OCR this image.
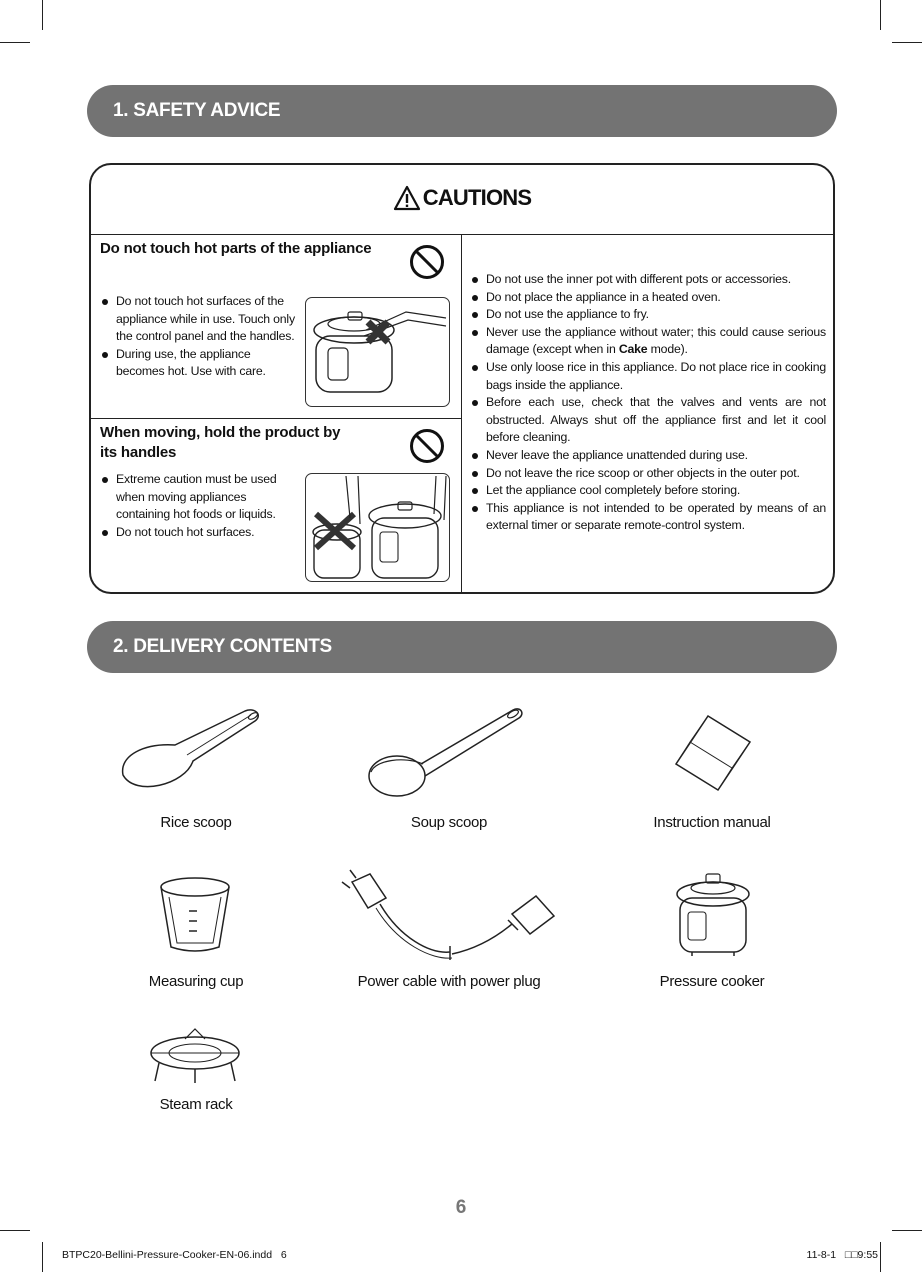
1. SAFETY ADVICE
CAUTIONS
Do not touch hot parts of the appliance
Do not touch hot surfaces of the appliance while in use. Touch only the control panel and the handles.
During use, the appliance becomes hot. Use with care.
When moving, hold the product by
its handles
Extreme caution must be used when moving appliances containing hot foods or liquids.
Do not touch hot surfaces.
Do not use the inner pot with different pots or accessories.
Do not place the appliance in a heated oven.
Do not use the appliance to fry.
Never use the appliance without water; this could cause serious damage (except when in Cake mode).
Use only loose rice in this appliance. Do not place rice in cooking bags inside the appliance.
Before each use, check that the valves and vents are not obstructed. Always shut off the appliance first and let it cool before cleaning.
Never leave the appliance unattended during use.
Do not leave the rice scoop or other objects in the outer pot.
Let the appliance cool completely before storing.
This appliance is not intended to be operated by means of an external timer or separate remote-control system.
2. DELIVERY CONTENTS
Rice scoop	Soup scoop	Instruction manual
Measuring cup	Power cable with power plug	Pressure cooker
Steam rack
6
BTPC20-Bellini-Pressure-Cooker-EN-06.indd 6	11-8-1 □□9:55
